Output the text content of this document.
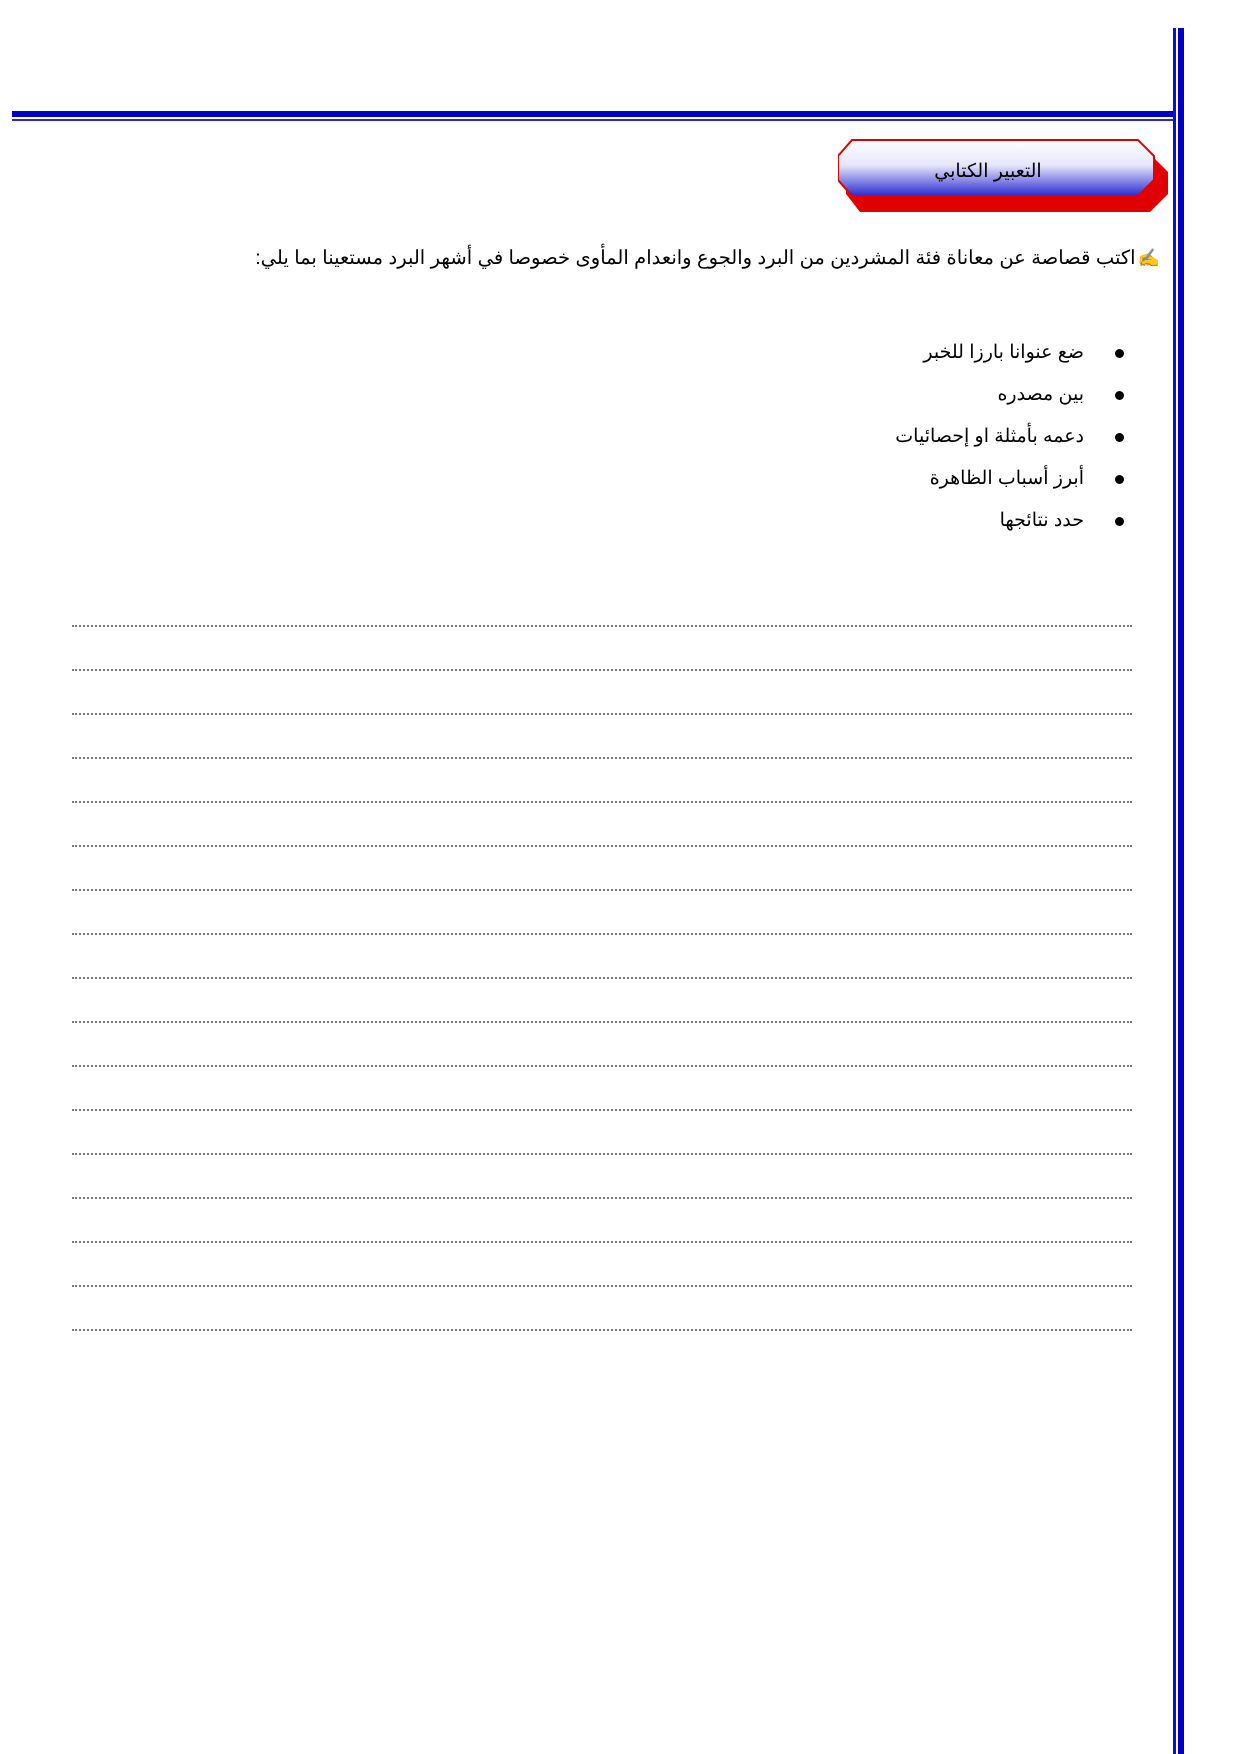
التعبير الكتابي
✍اكتب قصاصة عن معاناة فئة المشردين من البرد والجوع وانعدام المأوى خصوصا في أشهر البرد مستعينا بما يلي:
ضع عنوانا بارزا للخبر
بين مصدره
دعمه بأمثلة او إحصائيات
أبرز أسباب الظاهرة
حدد نتائجها
